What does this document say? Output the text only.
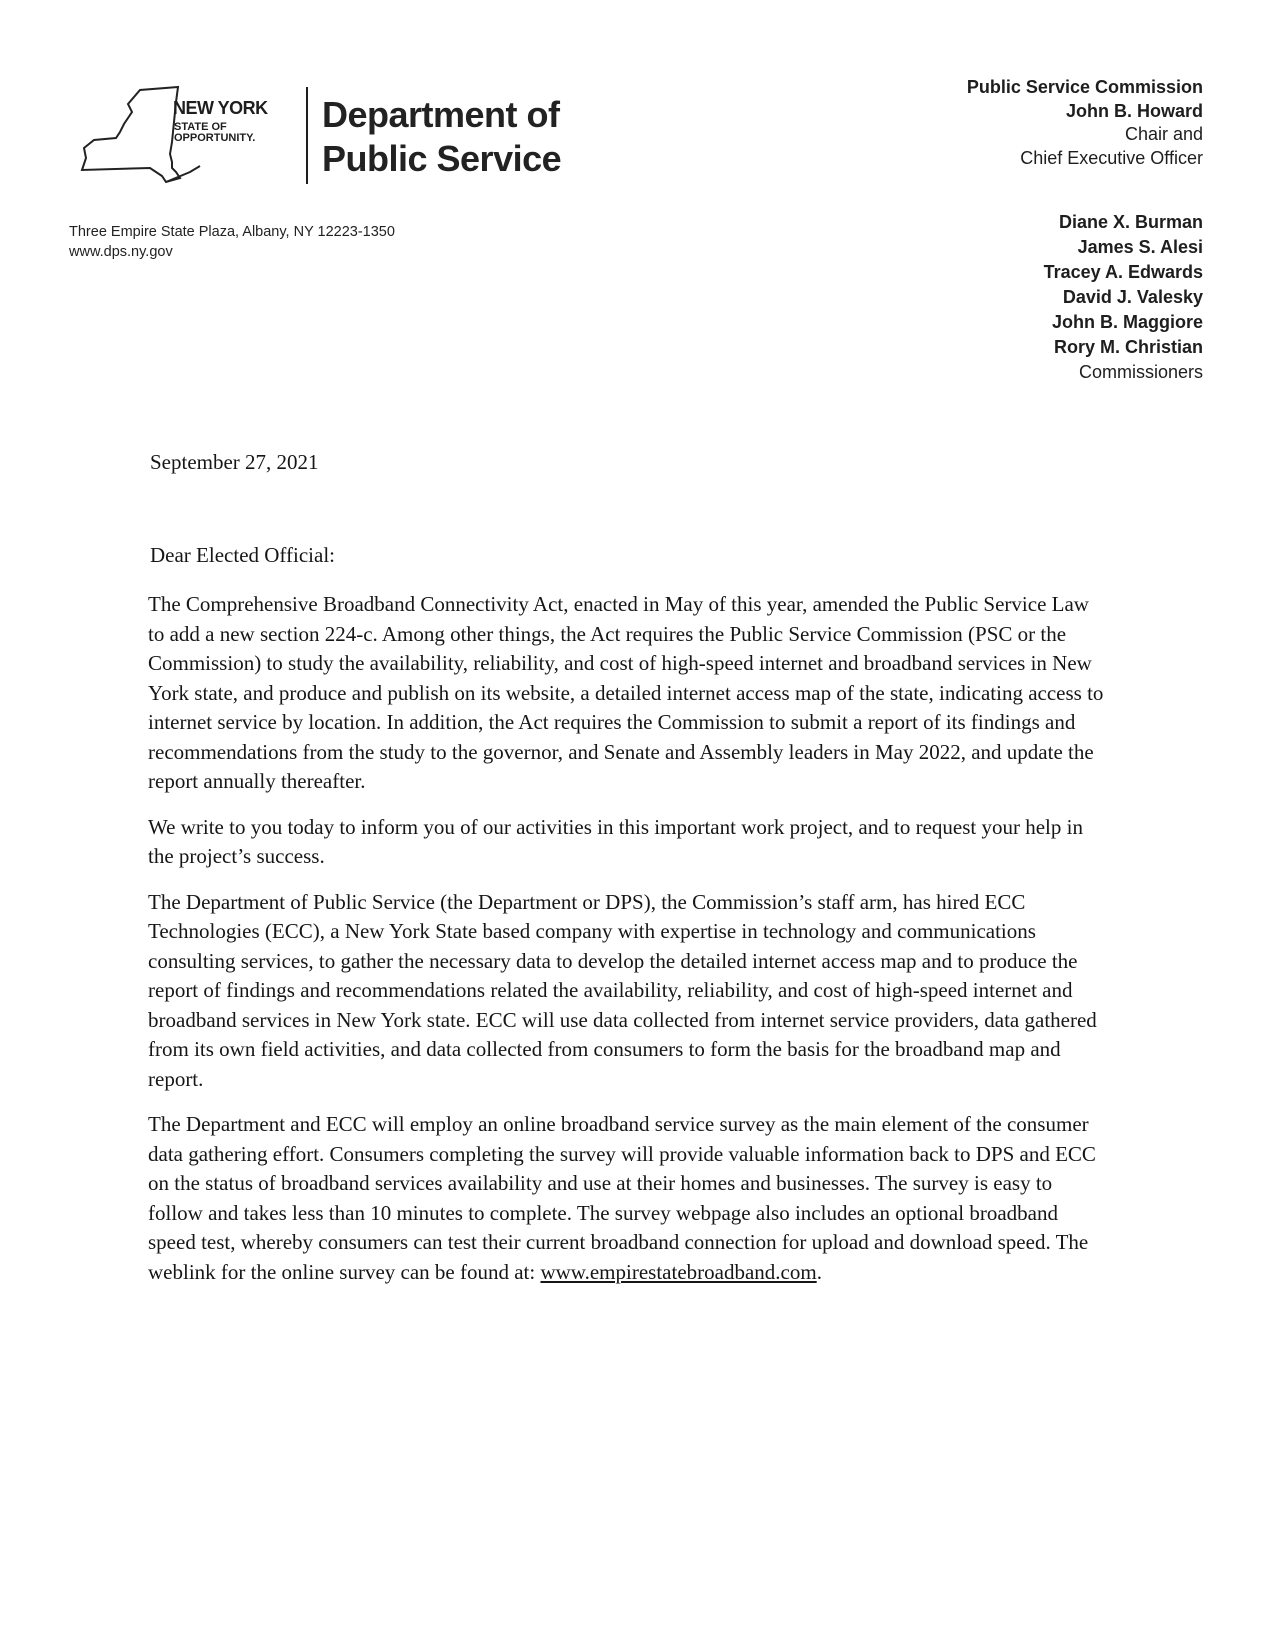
NEW YORK
STATE OF
OPPORTUNITY.
Department of
Public Service
Three Empire State Plaza, Albany, NY 12223-1350
www.dps.ny.gov
Public Service Commission
John B. Howard
Chair and
Chief Executive Officer
Diane X. Burman
James S. Alesi
Tracey A. Edwards
David J. Valesky
John B. Maggiore
Rory M. Christian
Commissioners
September 27, 2021
Dear Elected Official:

The Comprehensive Broadband Connectivity Act, enacted in May of this year, amended the Public Service Law to add a new section 224-c. Among other things, the Act requires the Public Service Commission (PSC or the Commission) to study the availability, reliability, and cost of high-speed internet and broadband services in New York state, and produce and publish on its website, a detailed internet access map of the state, indicating access to internet service by location. In addition, the Act requires the Commission to submit a report of its findings and recommendations from the study to the governor, and Senate and Assembly leaders in May 2022, and update the report annually thereafter.

We write to you today to inform you of our activities in this important work project, and to request your help in the project’s success.

The Department of Public Service (the Department or DPS), the Commission’s staff arm, has hired ECC Technologies (ECC), a New York State based company with expertise in technology and communications consulting services, to gather the necessary data to develop the detailed internet access map and to produce the report of findings and recommendations related the availability, reliability, and cost of high-speed internet and broadband services in New York state. ECC will use data collected from internet service providers, data gathered from its own field activities, and data collected from consumers to form the basis for the broadband map and report.

The Department and ECC will employ an online broadband service survey as the main element of the consumer data gathering effort. Consumers completing the survey will provide valuable information back to DPS and ECC on the status of broadband services availability and use at their homes and businesses. The survey is easy to follow and takes less than 10 minutes to complete. The survey webpage also includes an optional broadband speed test, whereby consumers can test their current broadband connection for upload and download speed. The weblink for the online survey can be found at: www.empirestatebroadband.com.
